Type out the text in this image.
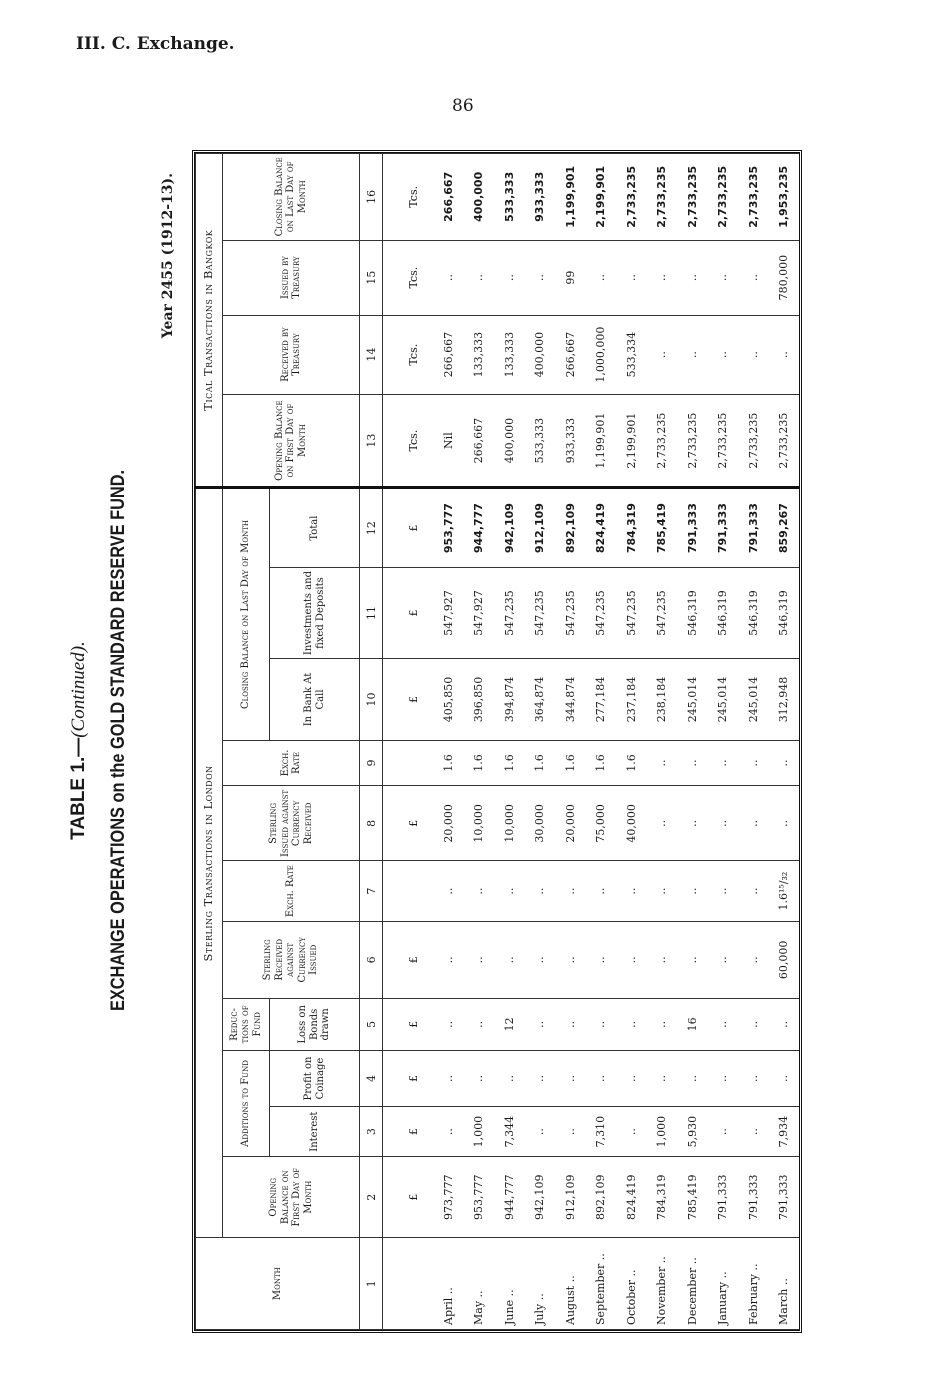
III. C. Exchange.
86
TABLE 1.—(Continued). EXCHANGE OPERATIONS on the GOLD STANDARD RESERVE FUND.
Year 2455 (1912-13).
Month	Sterling Transactions in London											Tical Transactions in Bangkok			
	Opening Balance on First Day of Month	Additions to Fund		Reduc-tions of Fund	Sterling Received against Currency Issued	Exch. Rate	Sterling Issued against Currency Received	Exch. Rate	Closing Balance on Last Day of Month			Opening Balance on First Day of Month	Received by Treasury	Issued by Treasury	Closing Balance on Last Day of Month
		Interest	Profit on Coinage	Loss on Bonds drawn					In Bank At Call	Investments and fixed Deposits	Total				
1	2	3	4	5	6	7	8	9	10	11	12	13	14	15	16
	£	£	£	£	£		£		£	£	£	Tcs.	Tcs.	Tcs.	Tcs.
April ..	973,777	..	..	..	..	..	20,000	1.6	405,850	547,927	953,777	Nil	266,667	..	266,667
May ..	953,777	1,000	..	..	..	..	10,000	1.6	396,850	547,927	944,777	266,667	133,333	..	400,000
June ..	944,777	7,344	..	12	..	..	10,000	1.6	394,874	547,235	942,109	400,000	133,333	..	533,333
July ..	942,109	..	..	..	..	..	30,000	1.6	364,874	547,235	912,109	533,333	400,000	..	933,333
August ..	912,109	..	..	..	..	..	20,000	1.6	344,874	547,235	892,109	933,333	266,667	99	1,199,901
September ..	892,109	7,310	..	..	..	..	75,000	1.6	277,184	547,235	824,419	1,199,901	1,000,000	..	2,199,901
October ..	824,419	..	..	..	..	..	40,000	1.6	237,184	547,235	784,319	2,199,901	533,334	..	2,733,235
November ..	784,319	1,000	..	..	..	..	..	..	238,184	547,235	785,419	2,733,235	..	..	2,733,235
December ..	785,419	5,930	..	16	..	..	..	..	245,014	546,319	791,333	2,733,235	..	..	2,733,235
January ..	791,333	..	..	..	..	..	..	..	245,014	546,319	791,333	2,733,235	..	..	2,733,235
February ..	791,333	..	..	..	..	..	..	..	245,014	546,319	791,333	2,733,235	..	..	2,733,235
March ..	791,333	7,934	..	..	60,000	1.6¹⁵/₃₂	..	..	312,948	546,319	859,267	2,733,235	..	780,000	1,953,235
